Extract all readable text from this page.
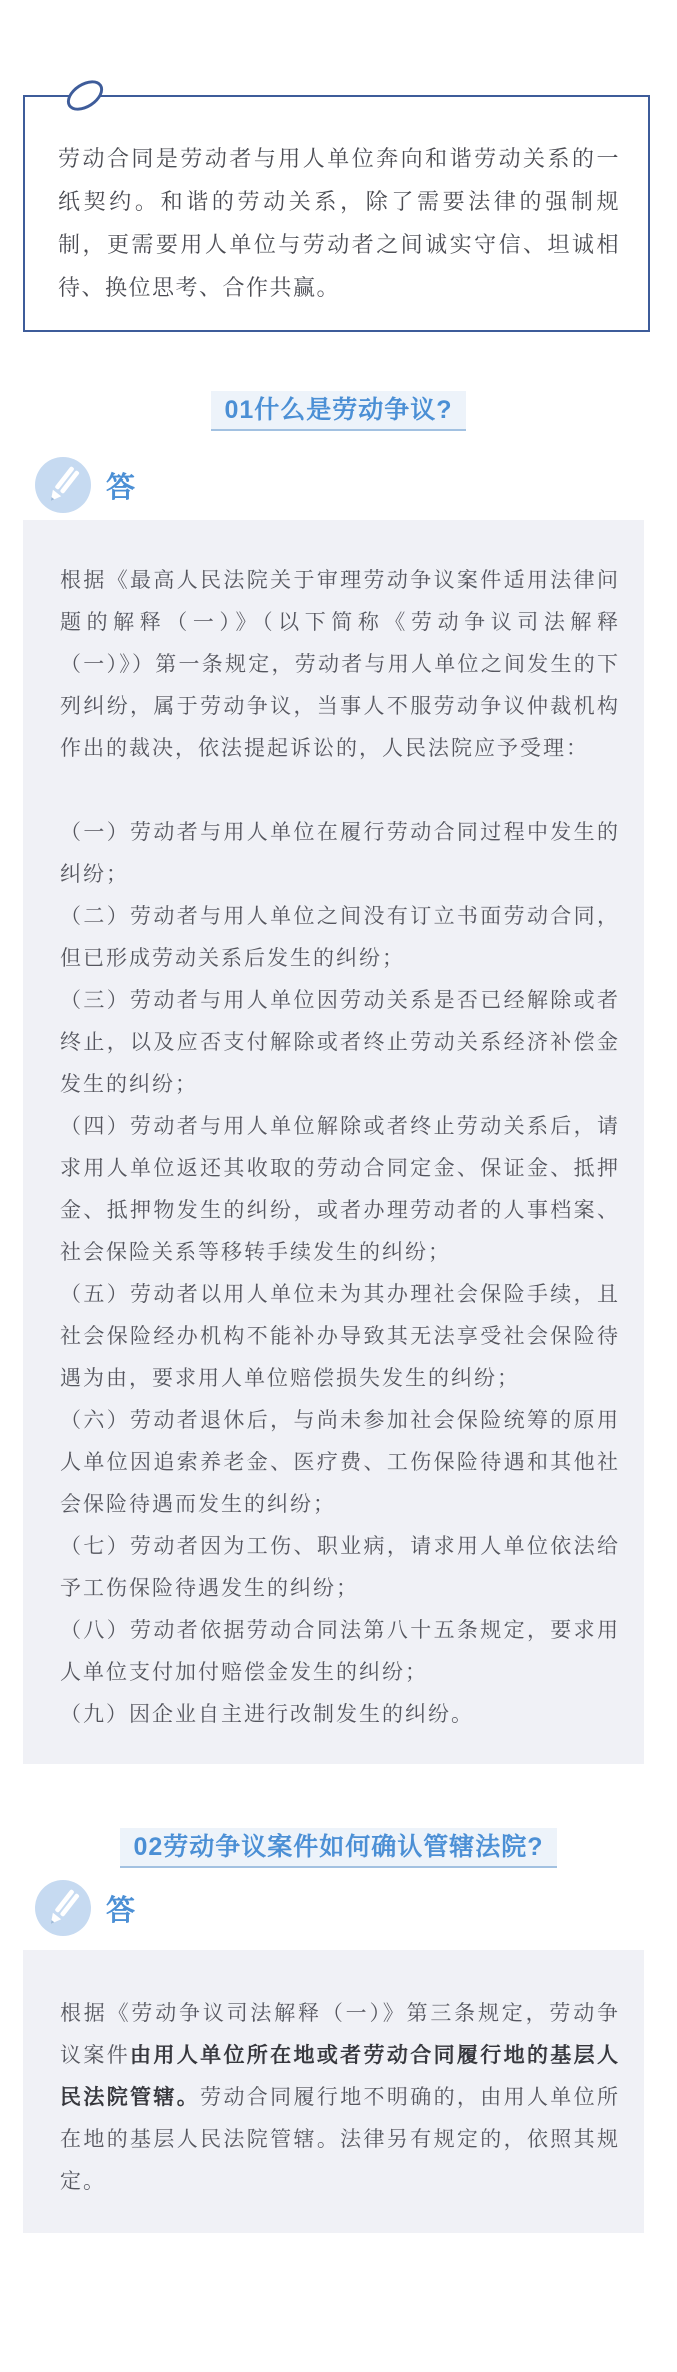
劳动合同是劳动者与用人单位奔向和谐劳动关系的一纸契约。和谐的劳动关系，除了需要法律的强制规制，更需要用人单位与劳动者之间诚实守信、坦诚相待、换位思考、合作共赢。

01什么是劳动争议?
答

根据《最高人民法院关于审理劳动争议案件适用法律问题的解释（一）》（以下简称《劳动争议司法解释（一）》）第一条规定，劳动者与用人单位之间发生的下列纠纷，属于劳动争议，当事人不服劳动争议仲裁机构作出的裁决，依法提起诉讼的，人民法院应予受理：

（一）劳动者与用人单位在履行劳动合同过程中发生的纠纷；

（二）劳动者与用人单位之间没有订立书面劳动合同，但已形成劳动关系后发生的纠纷；

（三）劳动者与用人单位因劳动关系是否已经解除或者终止，以及应否支付解除或者终止劳动关系经济补偿金发生的纠纷；

（四）劳动者与用人单位解除或者终止劳动关系后，请求用人单位返还其收取的劳动合同定金、保证金、抵押金、抵押物发生的纠纷，或者办理劳动者的人事档案、社会保险关系等移转手续发生的纠纷；

（五）劳动者以用人单位未为其办理社会保险手续，且社会保险经办机构不能补办导致其无法享受社会保险待遇为由，要求用人单位赔偿损失发生的纠纷；

（六）劳动者退休后，与尚未参加社会保险统筹的原用人单位因追索养老金、医疗费、工伤保险待遇和其他社会保险待遇而发生的纠纷；

（七）劳动者因为工伤、职业病，请求用人单位依法给予工伤保险待遇发生的纠纷；

（八）劳动者依据劳动合同法第八十五条规定，要求用人单位支付加付赔偿金发生的纠纷；

（九）因企业自主进行改制发生的纠纷。

02劳动争议案件如何确认管辖法院?
答

根据《劳动争议司法解释（一）》第三条规定，劳动争议案件由用人单位所在地或者劳动合同履行地的基层人民法院管辖。劳动合同履行地不明确的，由用人单位所在地的基层人民法院管辖。法律另有规定的，依照其规定。
